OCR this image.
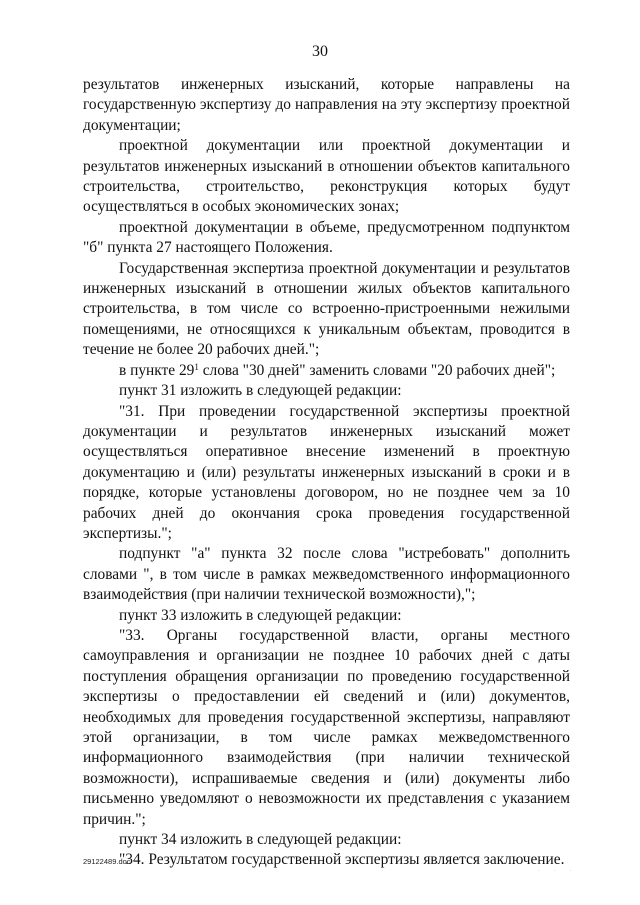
30

результатов инженерных изысканий, которые направлены на государственную экспертизу до направления на эту экспертизу проектной документации;

проектной документации или проектной документации и результатов инженерных изысканий в отношении объектов капитального строительства, строительство, реконструкция которых будут осуществляться в особых экономических зонах;

проектной документации в объеме, предусмотренном подпунктом "б" пункта 27 настоящего Положения.

Государственная экспертиза проектной документации и результатов инженерных изысканий в отношении жилых объектов капитального строительства, в том числе со встроенно-пристроенными нежилыми помещениями, не относящихся к уникальным объектам, проводится в течение не более 20 рабочих дней.";

в пункте $29^1$ слова "30 дней" заменить словами "20 рабочих дней";

пункт 31 изложить в следующей редакции:

"31. При проведении государственной экспертизы проектной документации и результатов инженерных изысканий может осуществляться оперативное внесение изменений в проектную документацию и (или) результаты инженерных изысканий в сроки и в порядке, которые установлены договором, но не позднее чем за 10 рабочих дней до окончания срока проведения государственной экспертизы.";

подпункт "а" пункта 32 после слова "истребовать" дополнить словами ", в том числе в рамках межведомственного информационного взаимодействия (при наличии технической возможности),";

пункт 33 изложить в следующей редакции:

"33. Органы государственной власти, органы местного самоуправления и организации не позднее 10 рабочих дней с даты поступления обращения организации по проведению государственной экспертизы о предоставлении ей сведений и (или) документов, необходимых для проведения государственной экспертизы, направляют этой организации, в том числе рамках межведомственного информационного взаимодействия (при наличии технической возможности), испрашиваемые сведения и (или) документы либо письменно уведомляют о невозможности их представления с указанием причин.";

пункт 34 изложить в следующей редакции:

"34. Результатом государственной экспертизы является заключение.

29122489.doc
· · ·
